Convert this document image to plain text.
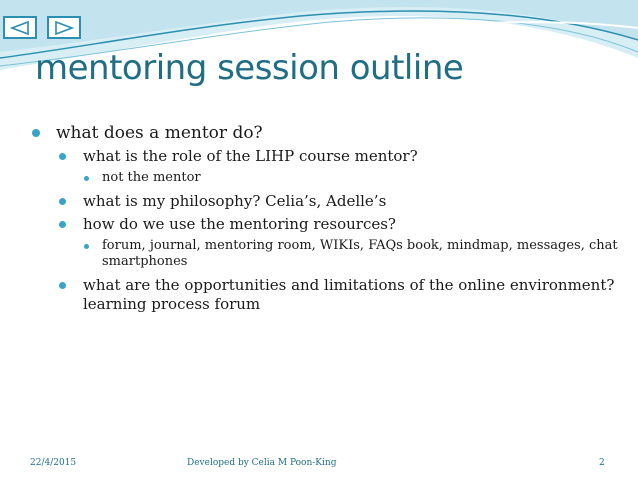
mentoring session outline
what does a mentor do?
what is the role of the LIHP course mentor?
not the mentor
what is my philosophy? Celia’s, Adelle’s
how do we use the mentoring resources?
forum, journal, mentoring room, WIKIs, FAQs book, mindmap, messages, chat smartphones
what are the opportunities and limitations of the online environment? learning process forum
22/4/2015	Developed by Celia M Poon-King	2
